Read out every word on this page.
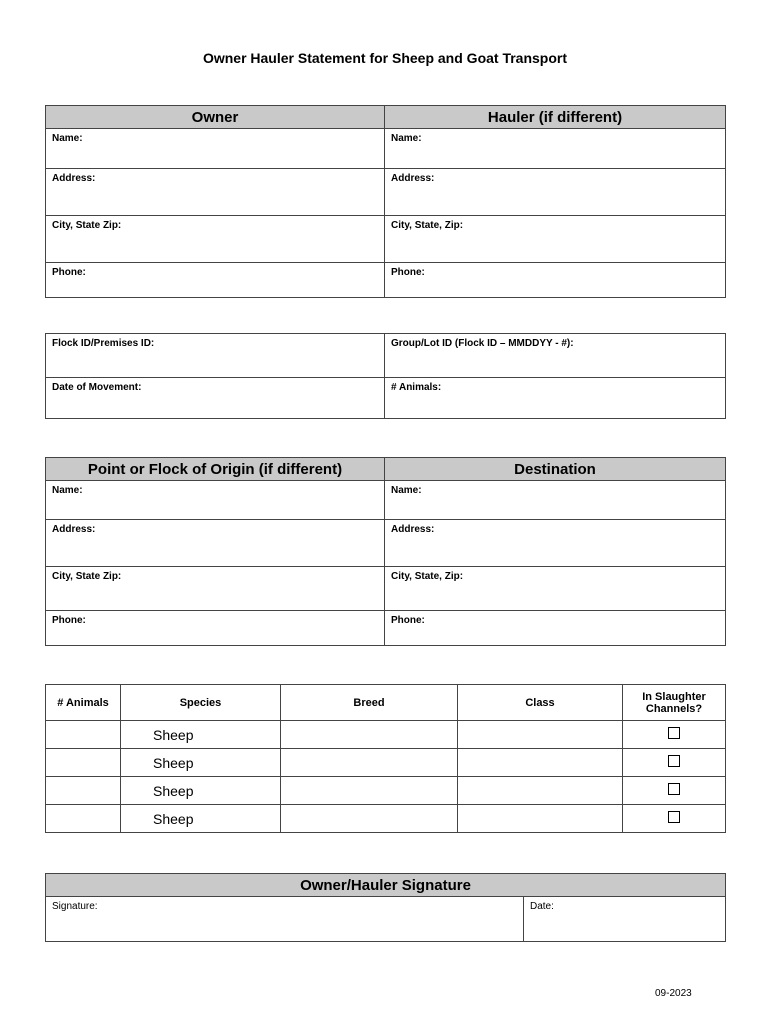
Owner Hauler Statement for Sheep and Goat Transport
Owner	Hauler (if different)
Name:	Name:
Address:	Address:
City, State Zip:	City, State, Zip:
Phone:	Phone:
Flock ID/Premises ID:	Group/Lot ID (Flock ID – MMDDYY - #):
Date of Movement:	# Animals:
Point or Flock of Origin (if different)	Destination
Name:	Name:
Address:	Address:
City, State Zip:	City, State, Zip:
Phone:	Phone:
# Animals	Species	Breed	Class	In Slaughter Channels?
	Sheep			
	Sheep			
	Sheep			
	Sheep			
Owner/Hauler Signature
Signature:	Date:
09-2023
